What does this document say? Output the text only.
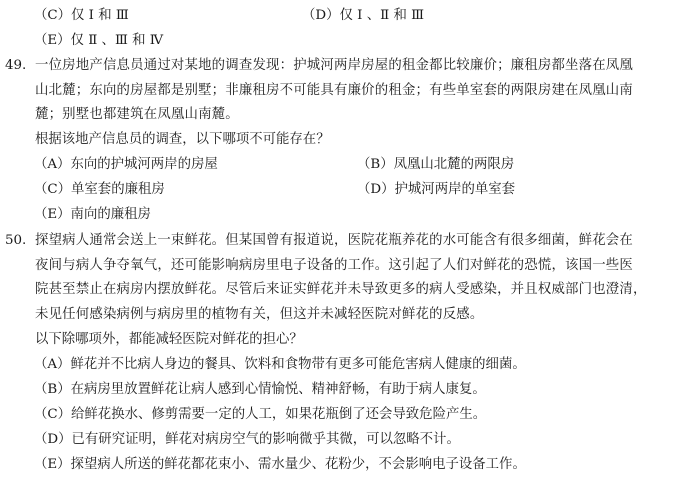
（C）仅 Ⅰ 和 Ⅲ	（D）仅 Ⅰ 、Ⅱ 和 Ⅲ
（E）仅 Ⅱ 、Ⅲ 和 Ⅳ
49. 一位房地产信息员通过对某地的调查发现：护城河两岸房屋的租金都比较廉价；廉租房都坐落在凤凰
山北麓；东向的房屋都是别墅；非廉租房不可能具有廉价的租金；有些单室套的两限房建在凤凰山南
麓；别墅也都建筑在凤凰山南麓。
根据该地产信息员的调查，以下哪项不可能存在？
（A）东向的护城河两岸的房屋	（B）凤凰山北麓的两限房
（C）单室套的廉租房	（D）护城河两岸的单室套
（E）南向的廉租房
50. 探望病人通常会送上一束鲜花。但某国曾有报道说，医院花瓶养花的水可能含有很多细菌，鲜花会在
夜间与病人争夺氧气，还可能影响病房里电子设备的工作。这引起了人们对鲜花的恐慌，该国一些医
院甚至禁止在病房内摆放鲜花。尽管后来证实鲜花并未导致更多的病人受感染，并且权威部门也澄清，
未见任何感染病例与病房里的植物有关，但这并未减轻医院对鲜花的反感。
以下除哪项外，都能减轻医院对鲜花的担心？
（A）鲜花并不比病人身边的餐具、饮料和食物带有更多可能危害病人健康的细菌。
（B）在病房里放置鲜花让病人感到心情愉悦、精神舒畅，有助于病人康复。
（C）给鲜花换水、修剪需要一定的人工，如果花瓶倒了还会导致危险产生。
（D）已有研究证明，鲜花对病房空气的影响微乎其微，可以忽略不计。
（E）探望病人所送的鲜花都花束小、需水量少、花粉少，不会影响电子设备工作。
